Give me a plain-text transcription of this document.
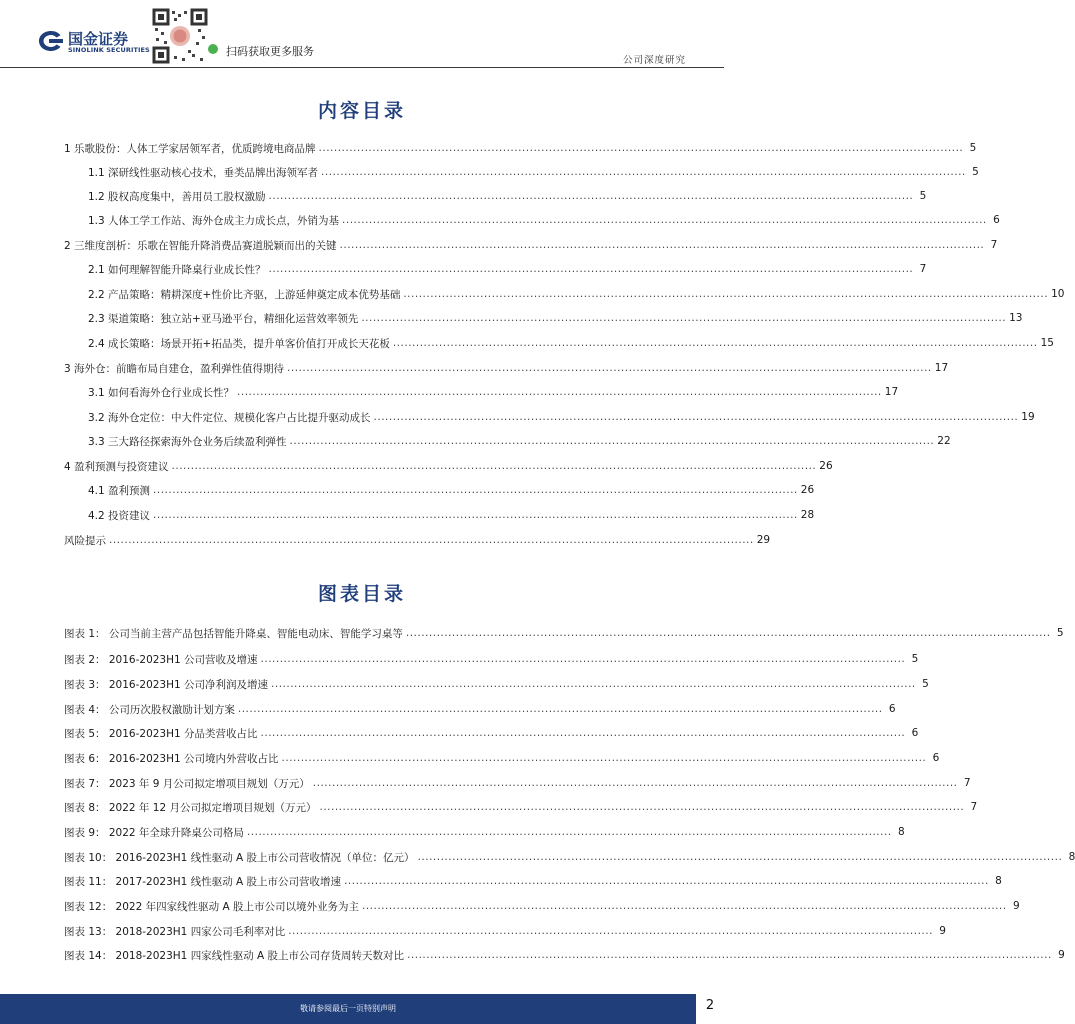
国金证券
SINOLINK SECURITIES	扫码获取更多服务
公司深度研究
内容目录
1 乐歌股份：人体工学家居领军者，优质跨境电商品牌 ........................................................................................................................................................................ 5
1.1 深研线性驱动核心技术，垂类品牌出海领军者 ........................................................................................................................................................................ 5
1.2 股权高度集中，善用员工股权激励 ........................................................................................................................................................................ 5
1.3 人体工学工作站、海外仓成主力成长点，外销为基 ........................................................................................................................................................................ 6
2 三维度剖析：乐歌在智能升降消费品赛道脱颖而出的关键 ........................................................................................................................................................................ 7
2.1 如何理解智能升降桌行业成长性？ ........................................................................................................................................................................ 7
2.2 产品策略：精耕深度+性价比齐驱，上游延伸奠定成本优势基础 ........................................................................................................................................................................ 10
2.3 渠道策略：独立站+亚马逊平台，精细化运营效率领先 ........................................................................................................................................................................ 13
2.4 成长策略：场景开拓+拓品类，提升单客价值打开成长天花板 ........................................................................................................................................................................ 15
3 海外仓：前瞻布局自建仓，盈利弹性值得期待 ........................................................................................................................................................................ 17
3.1 如何看海外仓行业成长性？ ........................................................................................................................................................................ 17
3.2 海外仓定位：中大件定位、规模化客户占比提升驱动成长 ........................................................................................................................................................................ 19
3.3 三大路径探索海外仓业务后续盈利弹性 ........................................................................................................................................................................ 22
4 盈利预测与投资建议 ........................................................................................................................................................................ 26
4.1 盈利预测 ........................................................................................................................................................................ 26
4.2 投资建议 ........................................................................................................................................................................ 28
风险提示 ........................................................................................................................................................................ 29
图表目录
图表 1： 公司当前主营产品包括智能升降桌、智能电动床、智能学习桌等 ........................................................................................................................................................................ 5
图表 2： 2016-2023H1 公司营收及增速 ........................................................................................................................................................................ 5
图表 3： 2016-2023H1 公司净利润及增速 ........................................................................................................................................................................ 5
图表 4： 公司历次股权激励计划方案 ........................................................................................................................................................................ 6
图表 5： 2016-2023H1 分品类营收占比 ........................................................................................................................................................................ 6
图表 6： 2016-2023H1 公司境内外营收占比 ........................................................................................................................................................................ 6
图表 7： 2023 年 9 月公司拟定增项目规划（万元） ........................................................................................................................................................................ 7
图表 8： 2022 年 12 月公司拟定增项目规划（万元） ........................................................................................................................................................................ 7
图表 9： 2022 年全球升降桌公司格局 ........................................................................................................................................................................ 8
图表 10： 2016-2023H1 线性驱动 A 股上市公司营收情况（单位：亿元） ........................................................................................................................................................................ 8
图表 11： 2017-2023H1 线性驱动 A 股上市公司营收增速 ........................................................................................................................................................................ 8
图表 12： 2022 年四家线性驱动 A 股上市公司以境外业务为主 ........................................................................................................................................................................ 9
图表 13： 2018-2023H1 四家公司毛利率对比 ........................................................................................................................................................................ 9
图表 14： 2018-2023H1 四家线性驱动 A 股上市公司存货周转天数对比 ........................................................................................................................................................................ 9
敬请参阅最后一页特别声明	2
